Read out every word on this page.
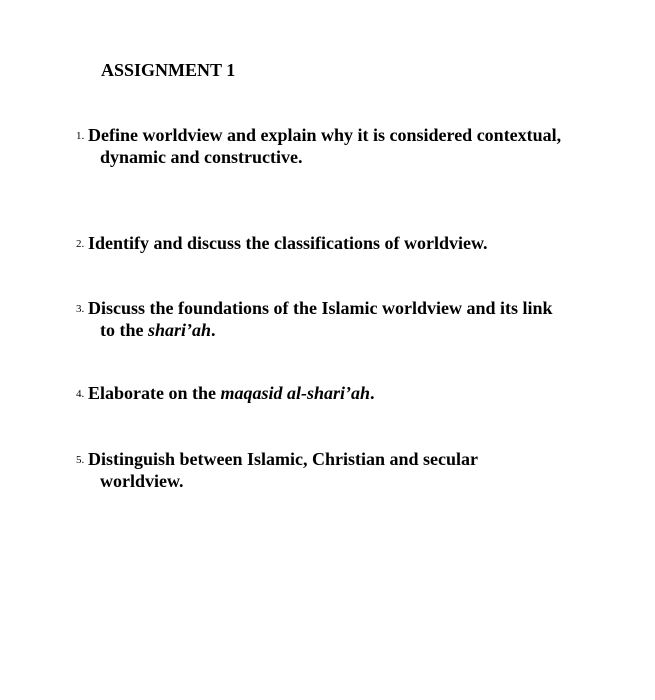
ASSIGNMENT 1
1. Define worldview and explain why it is considered contextual,
dynamic and constructive.
2. Identify and discuss the classifications of worldview.
3. Discuss the foundations of the Islamic worldview and its link
to the shari’ah.
4. Elaborate on the maqasid al-shari’ah.
5. Distinguish between Islamic, Christian and secular
worldview.
